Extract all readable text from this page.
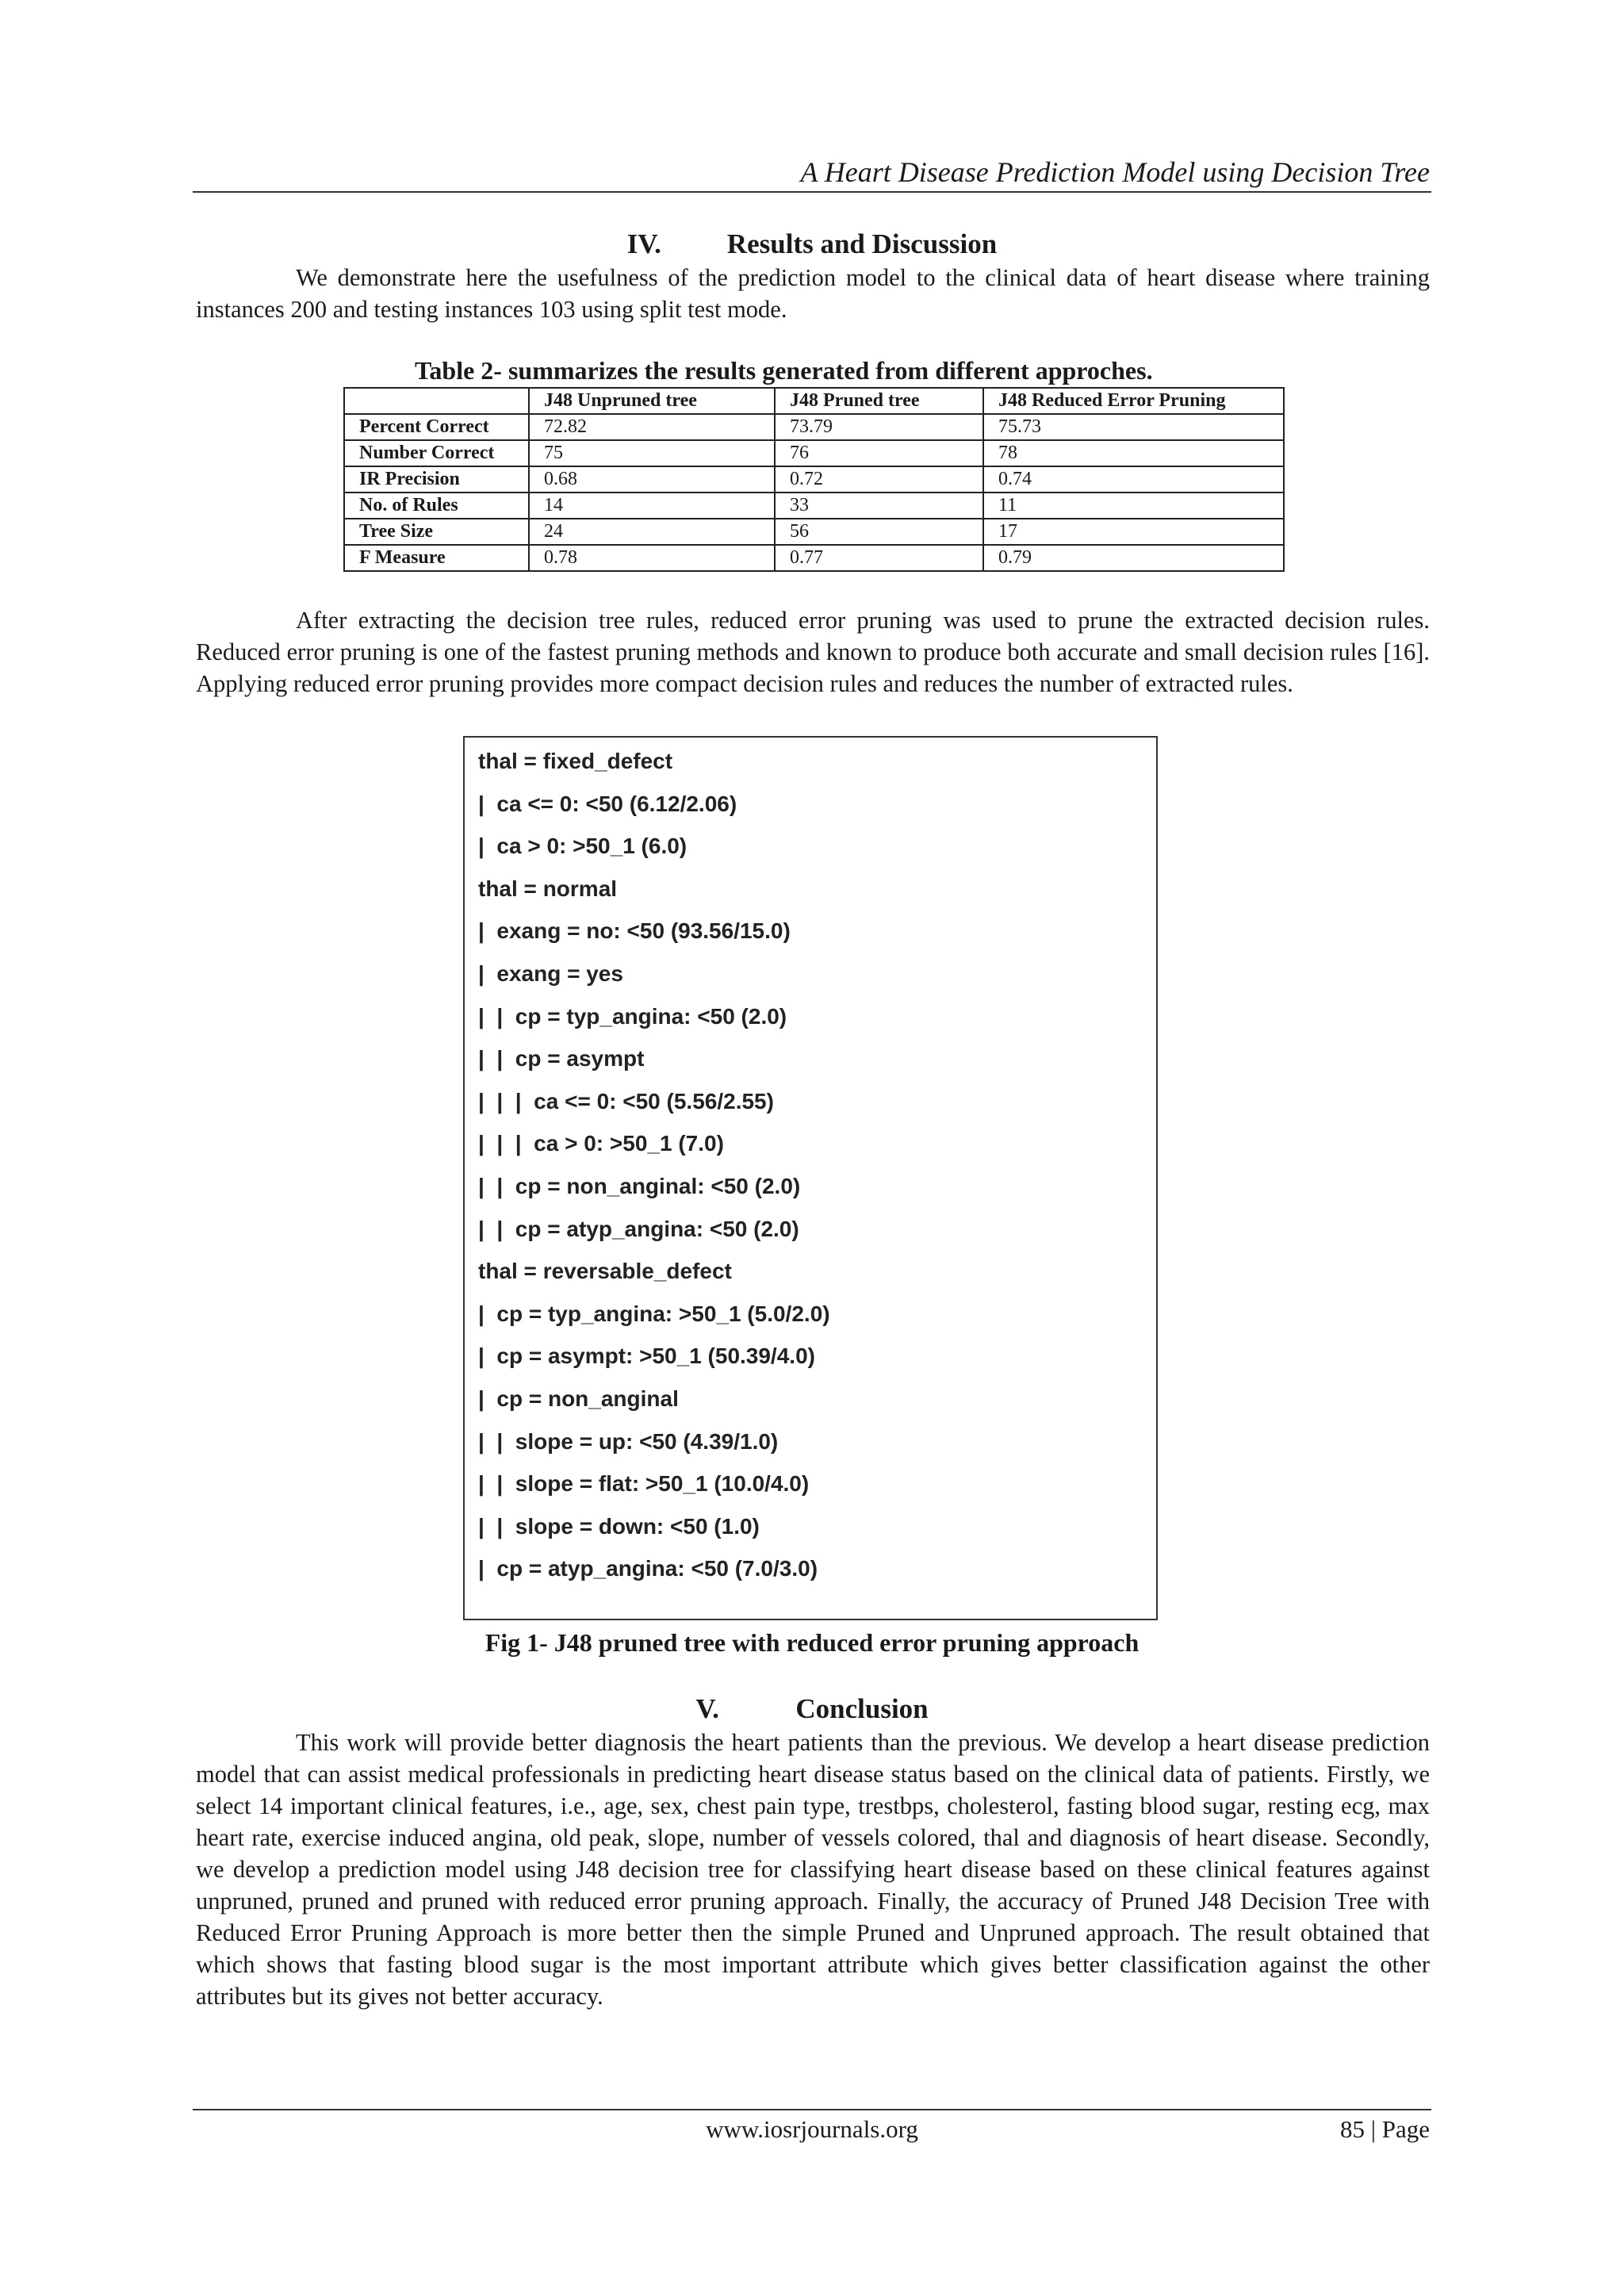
A Heart Disease Prediction Model using Decision Tree

IV. Results and Discussion

We demonstrate here the usefulness of the prediction model to the clinical data of heart disease where training instances 200 and testing instances 103 using split test mode.

Table 2- summarizes the results generated from different approches.

	J48 Unpruned tree	J48 Pruned tree	J48 Reduced Error Pruning
Percent Correct	72.82	73.79	75.73
Number Correct	75	76	78
IR Precision	0.68	0.72	0.74
No. of Rules	14	33	11
Tree Size	24	56	17
F Measure	0.78	0.77	0.79

After extracting the decision tree rules, reduced error pruning was used to prune the extracted decision rules. Reduced error pruning is one of the fastest pruning methods and known to produce both accurate and small decision rules [16]. Applying reduced error pruning provides more compact decision rules and reduces the number of extracted rules.

thal = fixed_defect

|  ca <= 0: <50 (6.12/2.06)

|  ca > 0: >50_1 (6.0)

thal = normal

|  exang = no: <50 (93.56/15.0)

|  exang = yes

|  |  cp = typ_angina: <50 (2.0)

|  |  cp = asympt

|  |  |  ca <= 0: <50 (5.56/2.55)

|  |  |  ca > 0: >50_1 (7.0)

|  |  cp = non_anginal: <50 (2.0)

|  |  cp = atyp_angina: <50 (2.0)

thal = reversable_defect

|  cp = typ_angina: >50_1 (5.0/2.0)

|  cp = asympt: >50_1 (50.39/4.0)

|  cp = non_anginal

|  |  slope = up: <50 (4.39/1.0)

|  |  slope = flat: >50_1 (10.0/4.0)

|  |  slope = down: <50 (1.0)

|  cp = atyp_angina: <50 (7.0/3.0)

Fig 1- J48 pruned tree with reduced error pruning approach

V.	Conclusion

This work will provide better diagnosis the heart patients than the previous. We develop a heart disease prediction model that can assist medical professionals in predicting heart disease status based on the clinical data of patients. Firstly, we select 14 important clinical features, i.e., age, sex, chest pain type, trestbps, cholesterol, fasting blood sugar, resting ecg, max heart rate, exercise induced angina, old peak, slope, number of vessels colored, thal and diagnosis of heart disease. Secondly, we develop a prediction model using J48 decision tree for classifying heart disease based on these clinical features against unpruned, pruned and pruned with reduced error pruning approach. Finally, the accuracy of Pruned J48 Decision Tree with Reduced Error Pruning Approach is more better then the simple Pruned and Unpruned approach. The result obtained that which shows that fasting blood sugar is the most important attribute which gives better classification against the other attributes but its gives not better accuracy.

www.iosrjournals.org	85 | Page
